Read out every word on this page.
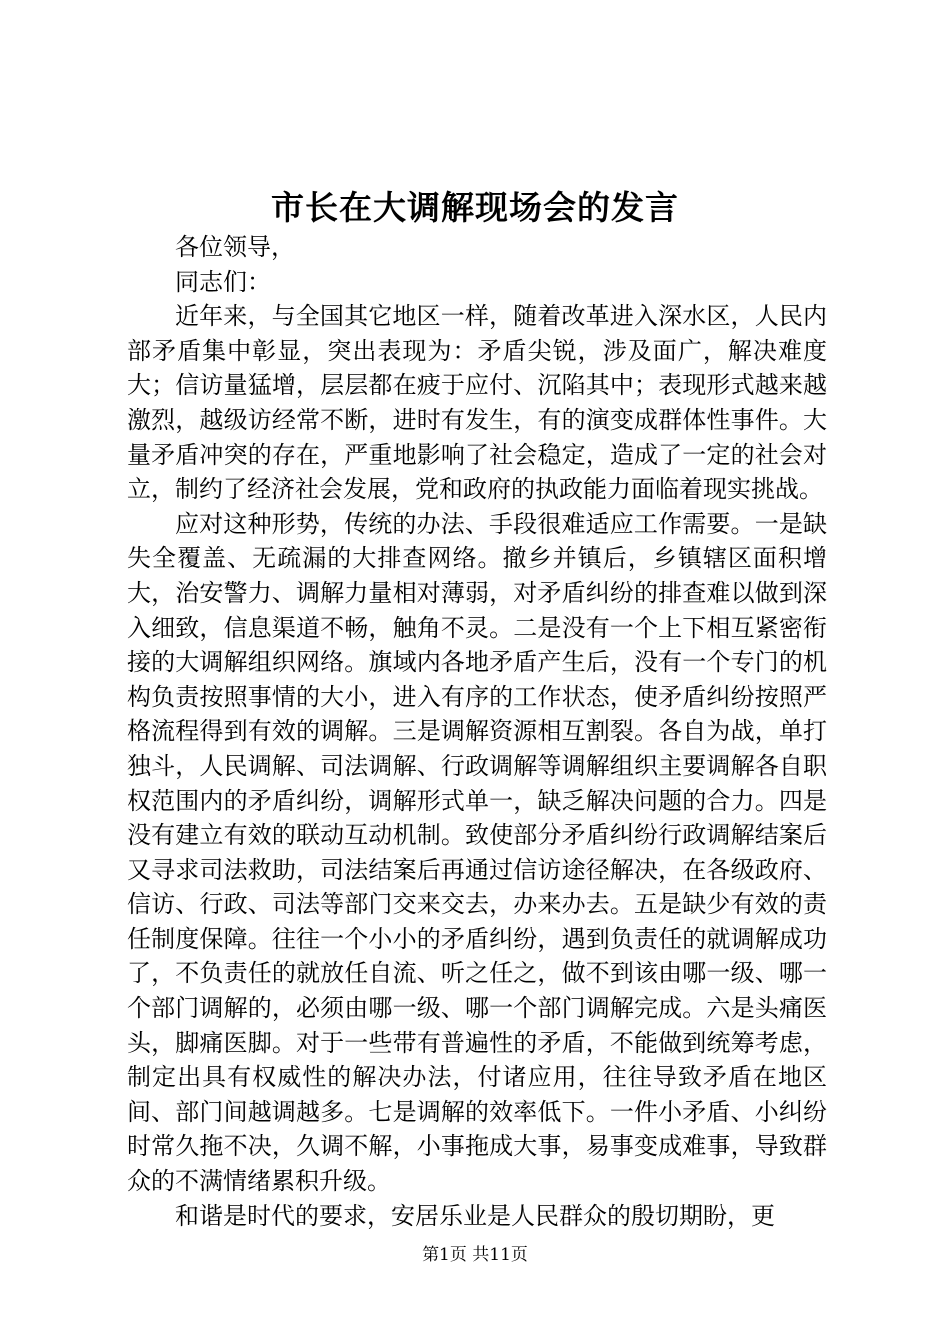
市长在大调解现场会的发言

各位领导，

同志们：

近年来，与全国其它地区一样，随着改革进入深水区，人民内部矛盾集中彰显，突出表现为：矛盾尖锐，涉及面广，解决难度大；信访量猛增，层层都在疲于应付、沉陷其中；表现形式越来越激烈，越级访经常不断，进时有发生，有的演变成群体性事件。大量矛盾冲突的存在，严重地影响了社会稳定，造成了一定的社会对立，制约了经济社会发展，党和政府的执政能力面临着现实挑战。

应对这种形势，传统的办法、手段很难适应工作需要。一是缺失全覆盖、无疏漏的大排查网络。撤乡并镇后，乡镇辖区面积增大，治安警力、调解力量相对薄弱，对矛盾纠纷的排查难以做到深入细致，信息渠道不畅，触角不灵。二是没有一个上下相互紧密衔接的大调解组织网络。旗域内各地矛盾产生后，没有一个专门的机构负责按照事情的大小，进入有序的工作状态，使矛盾纠纷按照严格流程得到有效的调解。三是调解资源相互割裂。各自为战，单打独斗，人民调解、司法调解、行政调解等调解组织主要调解各自职权范围内的矛盾纠纷，调解形式单一，缺乏解决问题的合力。四是没有建立有效的联动互动机制。致使部分矛盾纠纷行政调解结案后又寻求司法救助，司法结案后再通过信访途径解决，在各级政府、信访、行政、司法等部门交来交去，办来办去。五是缺少有效的责任制度保障。往往一个小小的矛盾纠纷，遇到负责任的就调解成功了，不负责任的就放任自流、听之任之，做不到该由哪一级、哪一个部门调解的，必须由哪一级、哪一个部门调解完成。六是头痛医头，脚痛医脚。对于一些带有普遍性的矛盾，不能做到统筹考虑，制定出具有权威性的解决办法，付诸应用，往往导致矛盾在地区间、部门间越调越多。七是调解的效率低下。一件小矛盾、小纠纷时常久拖不决，久调不解，小事拖成大事，易事变成难事，导致群众的不满情绪累积升级。

和谐是时代的要求，安居乐业是人民群众的殷切期盼，更

第1页 共11页
